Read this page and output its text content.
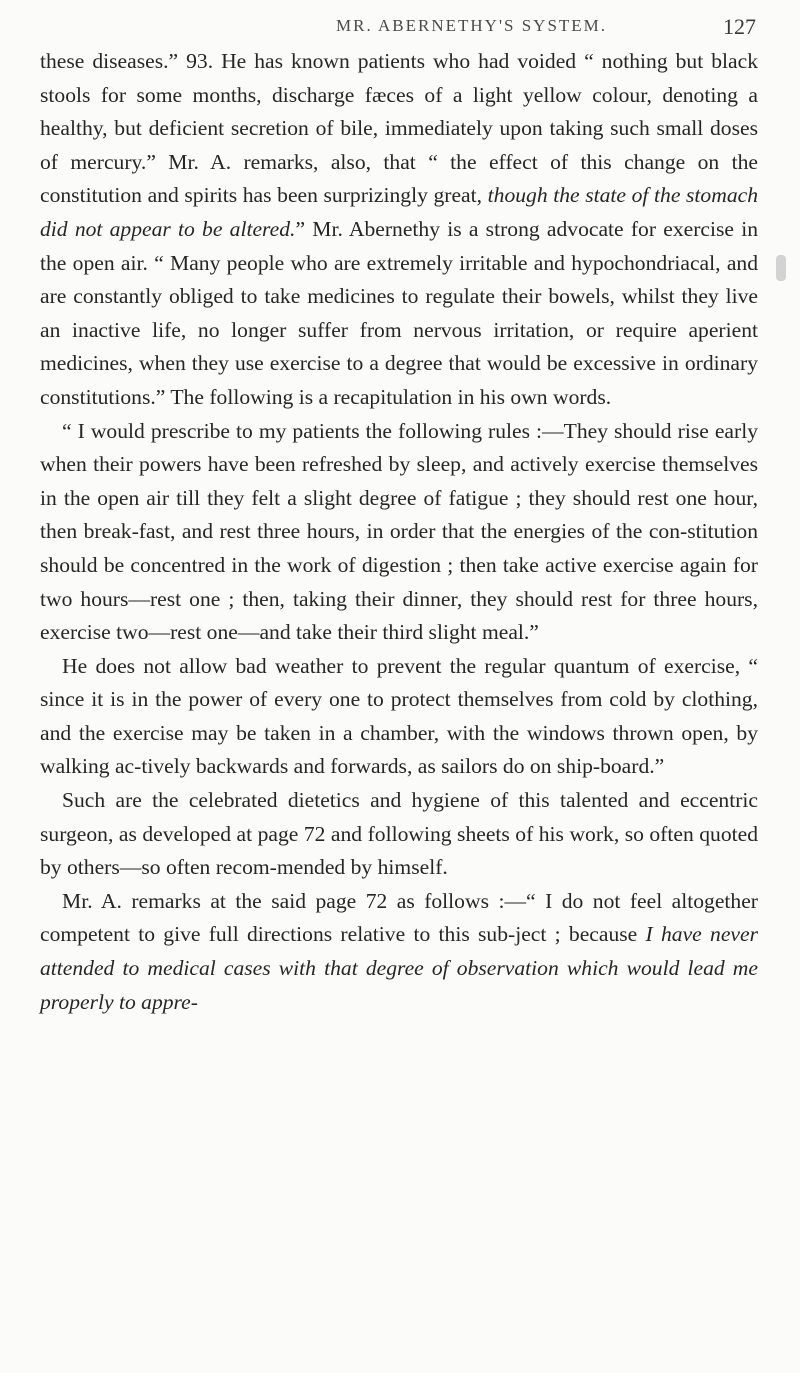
MR. ABERNETHY'S SYSTEM.	127

these diseases.” 93. He has known patients who had voided “ nothing but black stools for some months, discharge fæces of a light yellow colour, denoting a healthy, but deficient secretion of bile, immediately upon taking such small doses of mercury.” Mr. A. remarks, also, that “ the effect of this change on the constitution and spirits has been surprizingly great, though the state of the stomach did not appear to be altered.” Mr. Abernethy is a strong advocate for exercise in the open air. “ Many people who are extremely irritable and hypochondriacal, and are constantly obliged to take medicines to regulate their bowels, whilst they live an inactive life, no longer suffer from nervous irritation, or require aperient medicines, when they use exercise to a degree that would be excessive in ordinary constitutions.” The following is a recapitulation in his own words.

“ I would prescribe to my patients the following rules :—They should rise early when their powers have been refreshed by sleep, and actively exercise themselves in the open air till they felt a slight degree of fatigue ; they should rest one hour, then break-fast, and rest three hours, in order that the energies of the con-stitution should be concentred in the work of digestion ; then take active exercise again for two hours—rest one ; then, taking their dinner, they should rest for three hours, exercise two—rest one—and take their third slight meal.”

He does not allow bad weather to prevent the regular quantum of exercise, “ since it is in the power of every one to protect themselves from cold by clothing, and the exercise may be taken in a chamber, with the windows thrown open, by walking ac-tively backwards and forwards, as sailors do on ship-board.”

Such are the celebrated dietetics and hygiene of this talented and eccentric surgeon, as developed at page 72 and following sheets of his work, so often quoted by others—so often recom-mended by himself.

Mr. A. remarks at the said page 72 as follows :—“ I do not feel altogether competent to give full directions relative to this sub-ject ; because I have never attended to medical cases with that degree of observation which would lead me properly to appre-
